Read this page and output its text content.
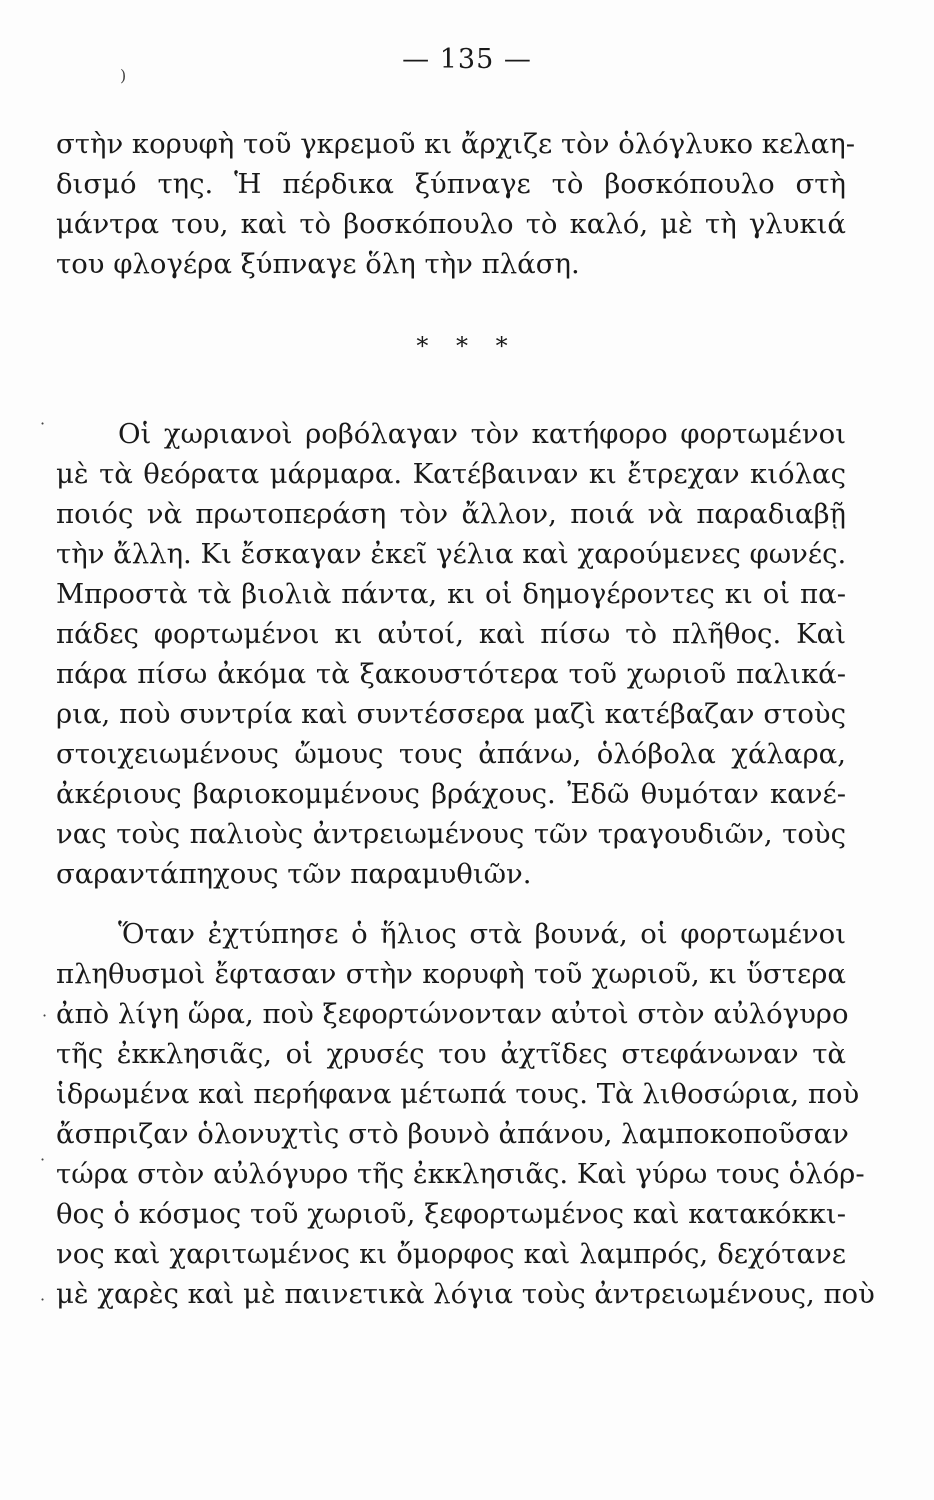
— 135 —
)
στὴν κορυφὴ τοῦ γκρεμοῦ κι ἄρχιζε τὸν ὁλόγλυκο κελαη-
δισμό της. Ἡ πέρδικα ξύπναγε τὸ βοσκόπουλο στὴ
μάντρα του, καὶ τὸ βοσκόπουλο τὸ καλό, μὲ τὴ γλυκιά
του φλογέρα ξύπναγε ὅλη τὴν πλάση.
Οἱ χωριανοὶ ροβόλαγαν τὸν κατήφορο φορτωμένοι
μὲ τὰ θεόρατα μάρμαρα. Κατέβαιναν κι ἔτρεχαν κιόλας
ποιός νὰ πρωτοπεράση τὸν ἄλλον, ποιά νὰ παραδιαβῇ
τὴν ἄλλη. Κι ἔσκαγαν ἐκεῖ γέλια καὶ χαρούμενες φωνές.
Μπροστὰ τὰ βιολιὰ πάντα, κι οἱ δημογέροντες κι οἱ πα-
πάδες φορτωμένοι κι αὐτοί, καὶ πίσω τὸ πλῆθος. Καὶ
πάρα πίσω ἀκόμα τὰ ξακουστότερα τοῦ χωριοῦ παλικά-
ρια, ποὺ συντρία καὶ συντέσσερα μαζὶ κατέβαζαν στοὺς
στοιχειωμένους ὤμους τους ἀπάνω, ὁλόβολα χάλαρα,
ἀκέριους βαριοκομμένους βράχους. Ἐδῶ θυμόταν κανέ-
νας τοὺς παλιοὺς ἀντρειωμένους τῶν τραγουδιῶν, τοὺς
σαραντάπηχους τῶν παραμυθιῶν.
Ὅταν ἐχτύπησε ὁ ἥλιος στὰ βουνά, οἱ φορτωμένοι
πληθυσμοὶ ἔφτασαν στὴν κορυφὴ τοῦ χωριοῦ, κι ὕστερα
ἀπὸ λίγη ὥρα, ποὺ ξεφορτώνονταν αὐτοὶ στὸν αὐλόγυρο
τῆς ἐκκλησιᾶς, οἱ χρυσές του ἀχτῖδες στεφάνωναν τὰ
ἱδρωμένα καὶ περήφανα μέτωπά τους. Τὰ λιθοσώρια, ποὺ
ἄσπριζαν ὁλονυχτὶς στὸ βουνὸ ἀπάνου, λαμποκοποῦσαν
τώρα στὸν αὐλόγυρο τῆς ἐκκλησιᾶς. Καὶ γύρω τους ὁλόρ-
θος ὁ κόσμος τοῦ χωριοῦ, ξεφορτωμένος καὶ κατακόκκι-
νος καὶ χαριτωμένος κι ὄμορφος καὶ λαμπρός, δεχότανε
μὲ χαρὲς καὶ μὲ παινετικὰ λόγια τοὺς ἀντρειωμένους, ποὺ
* * *
·
·
·
·
